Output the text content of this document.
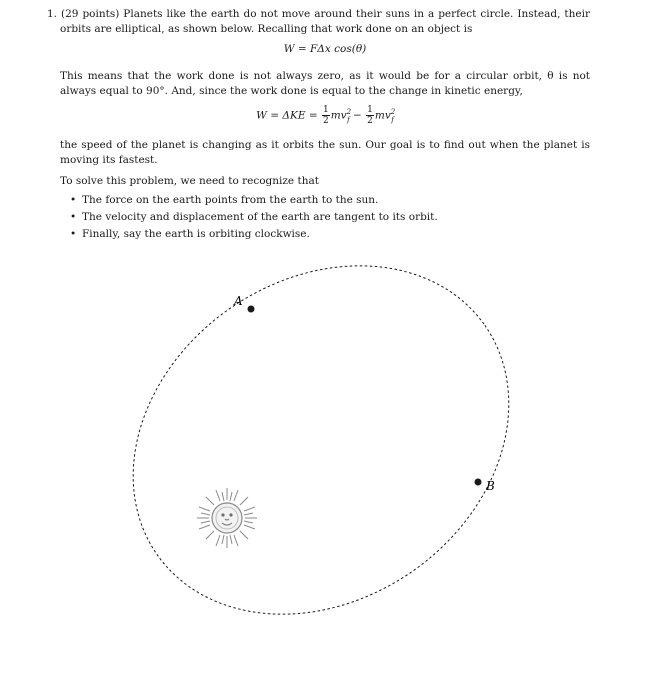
1. (29 points) Planets like the earth do not move around their suns in a perfect circle. Instead, their orbits are elliptical, as shown below. Recalling that work done on an object is

W = FΔx cos(θ)

This means that the work done is not always zero, as it would be for a circular orbit, θ is not always equal to 90°. And, since the work done is equal to the change in kinetic energy,

$W = \Delta KE = \frac{1}{2} mv^2_f - \frac{1}{2} mv^2_f$

the speed of the planet is changing as it orbits the sun. Our goal is to find out when the planet is moving its fastest.

To solve this problem, we need to recognize that

• The force on the earth points from the earth to the sun.
• The velocity and displacement of the earth are tangent to its orbit.
• Finally, say the earth is orbiting clockwise.
A
B
